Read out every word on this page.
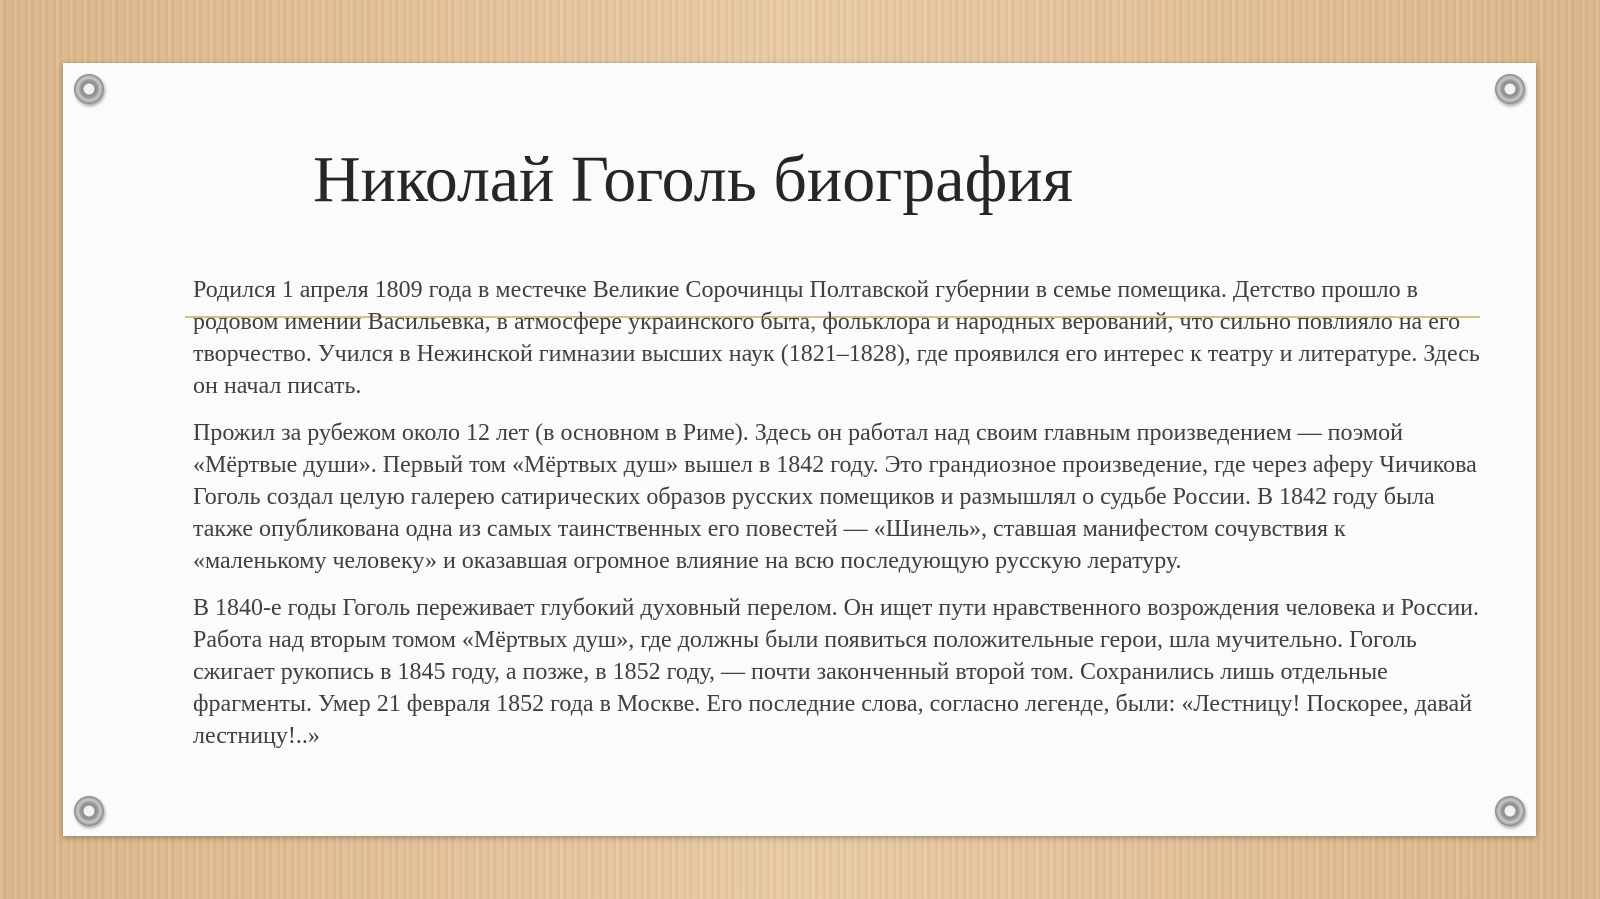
Николай Гоголь биография

Родился 1 апреля 1809 года в местечке Великие Сорочинцы Полтавской губернии в семье помещика. Детство прошло в родовом имении Васильевка, в атмосфере украинского быта, фольклора и народных верований, что сильно повлияло на его творчество. Учился в Нежинской гимназии высших наук (1821–1828), где проявился его интерес к театру и литературе. Здесь он начал писать.

Прожил за рубежом около 12 лет (в основном в Риме). Здесь он работал над своим главным произведением — поэмой «Мёртвые души». Первый том «Мёртвых душ» вышел в 1842 году. Это грандиозное произведение, где через аферу Чичикова Гоголь создал целую галерею сатирических образов русских помещиков и размышлял о судьбе России. В 1842 году была также опубликована одна из самых таинственных его повестей — «Шинель», ставшая манифестом сочувствия к «маленькому человеку» и оказавшая огромное влияние на всю последующую русскую лературу.

В 1840-е годы Гоголь переживает глубокий духовный перелом. Он ищет пути нравственного возрождения человека и России. Работа над вторым томом «Мёртвых душ», где должны были появиться положительные герои, шла мучительно. Гоголь сжигает рукопись в 1845 году, а позже, в 1852 году, — почти законченный второй том. Сохранились лишь отдельные фрагменты. Умер 21 февраля 1852 года в Москве. Его последние слова, согласно легенде, были: «Лестницу! Поскорее, давай лестницу!..»
